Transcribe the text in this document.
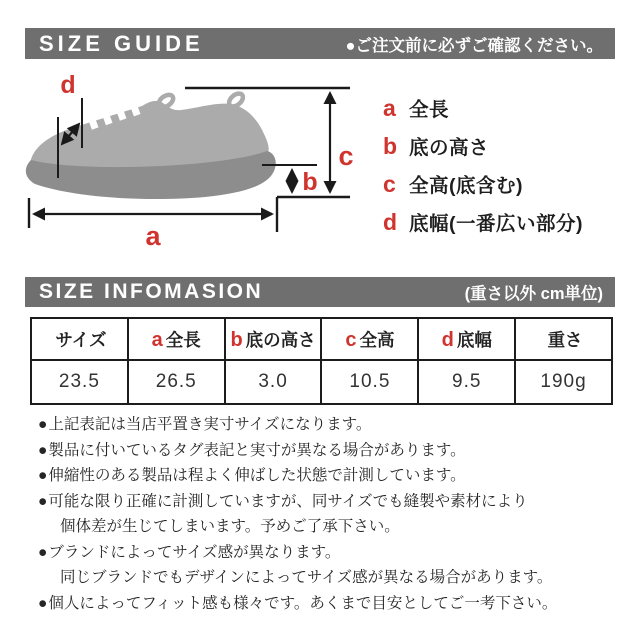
SIZE GUIDE	●ご注文前に必ずご確認ください。
d
c
b
a
a 全長
b 底の高さ
c 全高(底含む)
d 底幅(一番広い部分)
SIZE INFOMASION	(重さ以外 cm単位)
サイズ	a 全長	b 底の高さ	c 全高	d 底幅	重さ
23.5	26.5	3.0	10.5	9.5	190g
●上記表記は当店平置き実寸サイズになります。
●製品に付いているタグ表記と実寸が異なる場合があります。
●伸縮性のある製品は程よく伸ばした状態で計測しています。
●可能な限り正確に計測していますが、同サイズでも縫製や素材により
個体差が生じてしまいます。予めご了承下さい。
●ブランドによってサイズ感が異なります。
同じブランドでもデザインによってサイズ感が異なる場合があります。
●個人によってフィット感も様々です。あくまで目安としてご一考下さい。
